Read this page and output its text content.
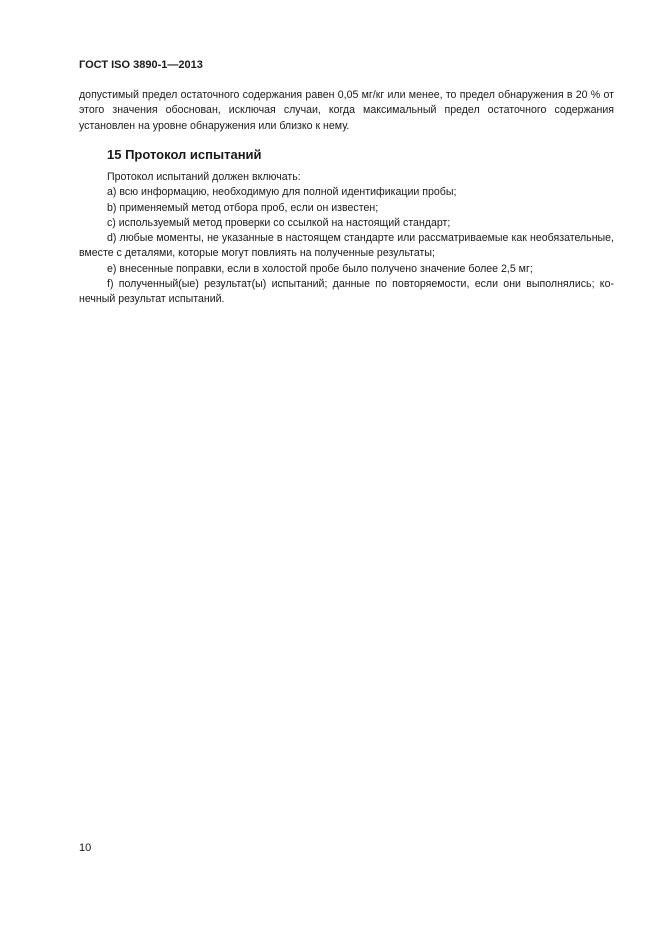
ГОСТ ISO 3890-1—2013

допустимый предел остаточного содержания равен 0,05 мг/кг или менее, то предел обнаружения в 20 % от этого значения обоснован, исключая случаи, когда максимальный предел остаточного содержания установлен на уровне обнаружения или близко к нему.

15 Протокол испытаний

Протокол испытаний должен включать:

a) всю информацию, необходимую для полной идентификации пробы;

b) применяемый метод отбора проб, если он известен;

c) используемый метод проверки со ссылкой на настоящий стандарт;

d) любые моменты, не указанные в настоящем стандарте или рассматриваемые как необязательные, вместе с деталями, которые могут повлиять на полученные результаты;

e) внесенные поправки, если в холостой пробе было получено значение более 2,5 мг;

f) полученный(ые) результат(ы) испытаний; данные по повторяемости, если они выполнялись; конечный результат испытаний.

10
